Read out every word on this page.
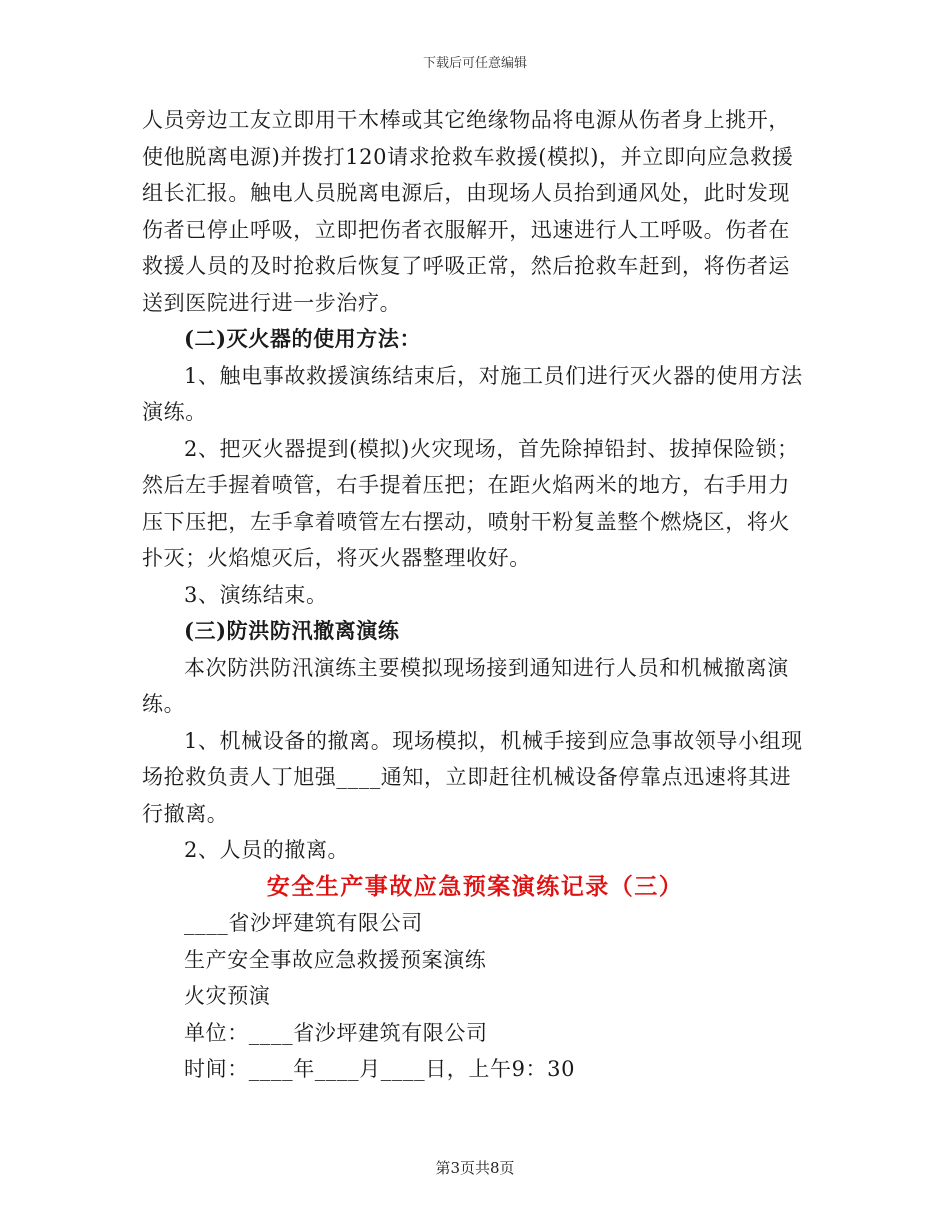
下载后可任意编辑

人员旁边工友立即用干木棒或其它绝缘物品将电源从伤者身上挑开，使他脱离电源)并拨打120请求抢救车救援(模拟)，并立即向应急救援组长汇报。触电人员脱离电源后，由现场人员抬到通风处，此时发现伤者已停止呼吸，立即把伤者衣服解开，迅速进行人工呼吸。伤者在救援人员的及时抢救后恢复了呼吸正常，然后抢救车赶到，将伤者运送到医院进行进一步治疗。

(二)灭火器的使用方法：

1、触电事故救援演练结束后，对施工员们进行灭火器的使用方法演练。

2、把灭火器提到(模拟)火灾现场，首先除掉铅封、拔掉保险锁；然后左手握着喷管，右手提着压把；在距火焰两米的地方，右手用力压下压把，左手拿着喷管左右摆动，喷射干粉复盖整个燃烧区，将火扑灭；火焰熄灭后，将灭火器整理收好。

3、演练结束。

(三)防洪防汛撤离演练

本次防洪防汛演练主要模拟现场接到通知进行人员和机械撤离演练。

1、机械设备的撤离。现场模拟，机械手接到应急事故领导小组现场抢救负责人丁旭强____通知，立即赶往机械设备停靠点迅速将其进行撤离。

2、人员的撤离。

安全生产事故应急预案演练记录（三）

____省沙坪建筑有限公司

生产安全事故应急救援预案演练

火灾预演

单位：____省沙坪建筑有限公司

时间：____年____月____日，上午9：30

第3页共8页
